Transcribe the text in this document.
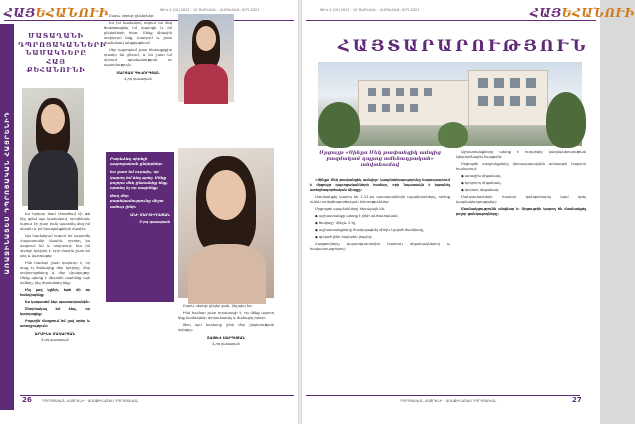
ՀԱՅԵՀԱՆՈՒԻ	ԹԻՎ 4 (10) 2021 · 10 ՏԱՐԵԿԱՆ · ՀԱՅԿԱԿԱՆ ՏՈՂ 2021
ԱՌԱՋԻՆԱՏԵՍ ԴՊՐՈՑԱԿԱՆ ՀԱՅՐԵՆԻԴ
ՄԱՏԱՂԱՆԻ ԴՊՐՈՑԱԿԱՆՆԵՐԻ ՆԱՄԱԿՆԵՐԸ ՀԱՅ ՔԵՀԱՆՈՒՆԻ

Ես երկար ժամ մտածում էի թե ինչ գրեմ այս նամակում, որովհետև ուզում էի շատ բան պատմել ձեզ իմ մասին և իմ երազանքների մասին:

Այս նամակում ուզում եմ պատմել Հայաստանի մասին, որտեղ ես ապրում եմ և սովորում: Սա իմ սիրելի երկիրն է, որի մասին շատ եմ լսել և կարդացել:

Ինձ համար շատ կարևոր է, որ դուք էլ ճանաչեք մեր երկիրը, մեր սովորույթները և մեր մշակույթը: Մենք պետք է միասին պահենք այն ամենը, ինչ ժառանգել ենք:

Ինչ լավ կլինի, եթե մի օր հանդիպենք:

Ես կսպասեմ ձեր պատասխանին:

Շնորհակալ եմ ձեզ, որ կարդացիք:

Բոլորին մաղթում եմ լավ օրեր և առողջություն:

ԱՐՄԻՆԵ ՄԱԿԱՐՅԱՆ

5-րդ դասարան

Բարև սիրելի ընկերներ:

Ես իմ նամակով ուզում եմ ձեզ ծանոթացնել իմ դպրոցի և իմ ընկերների հետ: Մենք միասին սովորում ենք, խաղում և շատ ժամանակ անցկացնում:

Մեր դպրոցում շատ հետաքրքիր դասեր են լինում, և ես շատ եմ սիրում գրականություն ու պատմություն:

ՄԱՐՅԱՄ ԳԵՎՈՐԳՅԱՆ

4-րդ դասարան

Բարևձեզ սիրելի դպրոցական ընկերներ:

Ես շատ եմ ուրախ, որ կարող եմ ձեզ գրել: Մենք բոլորս մեկ ընտանիք ենք, որտեղ էլ որ ապրենք:

Թող մեր բարեկամությունը միշտ ամուր լինի:

ԱՆԻ ՄԱՐՏԻՐՈՍՅԱՆ

5-րդ դասարան

Բարև սիրելի ընկեր ջան, ինչպես ես:

Ինձ համար շատ ուրախալի է, որ մենք կարող ենք նամակներ փոխանակել և ճանաչել իրար:

Թող այս նամակը լինի մեր ընկերության սկիզբը:

ՏԱԹԵՎ ՍԱՐԳՍՅԱՆ

5-րդ դասարան

26	ԴՊՐՈՑԱԿԱՆ ՀԱՅՐԵՆԻ · ԱՌԱՋԻՆԱՏԵՍ ԴՊՐՈՑԱԿԱՆ
ԹԻՎ 4 (10) 2021 · 10 ՏԱՐԵԿԱՆ · ՀԱՅԿԱԿԱՆ ՏՈՂ 2021	ՀԱՅԵՀԱՆՈՒԻ
ՀԱՅՏԱՐԱՐՈՒԹՅՈՒՆ
Մրցույթ «Սինքս Մեկ թափանցիկ ամպից բազմակամ դպրոց ամենադրական» անվանումով

«Սինքս Մեկ թափանցիկ ամպից» կազմակերպությունը հայտարարում է մրցույթ դպրոցականների համար, որի նպատակն է խթանել ստեղծագործական միտքը:

Մասնակցել կարող են 1-12-րդ դասարանների աշակերտները, որոնք ունեն ստեղծագործական հմտություններ:

Մրցույթի պայմանները հետևյալն են.

◆ աշխատանքը պետք է լինի անհատական,

◆ ծավալը՝ մինչև 2 էջ,

◆ աշխատանքները ներկայացնել մինչև նշված ժամկետը,

◆ գրված լինի հայերեն լեզվով:

Հաղթողները կպարգևատրվեն հատուկ մրցանակներով և հավաստագրերով:

Աշխատանքները պետք է ուղարկել կազմակերպության էլեկտրոնային հասցեին:

Մրցույթի արդյունքները կհրապարակվեն ամսագրի հաջորդ համարում:

◆ առաջին մրցանակ,

◆ երկրորդ մրցանակ,

◆ երրորդ մրցանակ:

Մանրամասների համար զանգահարել կամ գրել կազմակերպությանը:

Մասնակցությունն անվճար է: Մրցույթին կարող են մասնակցել բոլոր ցանկացողները:

ԴՊՐՈՑԱԿԱՆ ՀԱՅՐԵՆԻ · ԱՌԱՋԻՆԱՏԵՍ ԴՊՐՈՑԱԿԱՆ	27
